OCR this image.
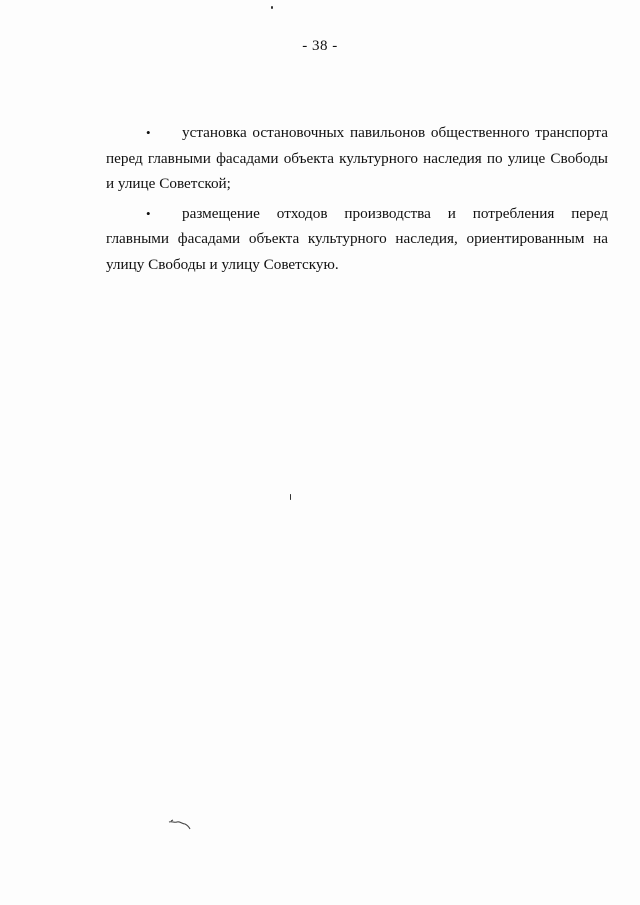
- 38 -
•	установка остановочных павильонов общественного транспорта
перед главными фасадами объекта культурного наследия по улице Свободы
и улице Советской;
•	размещение отходов производства и потребления перед
главными фасадами объекта культурного наследия, ориентированным на
улицу Свободы и улицу Советскую.
